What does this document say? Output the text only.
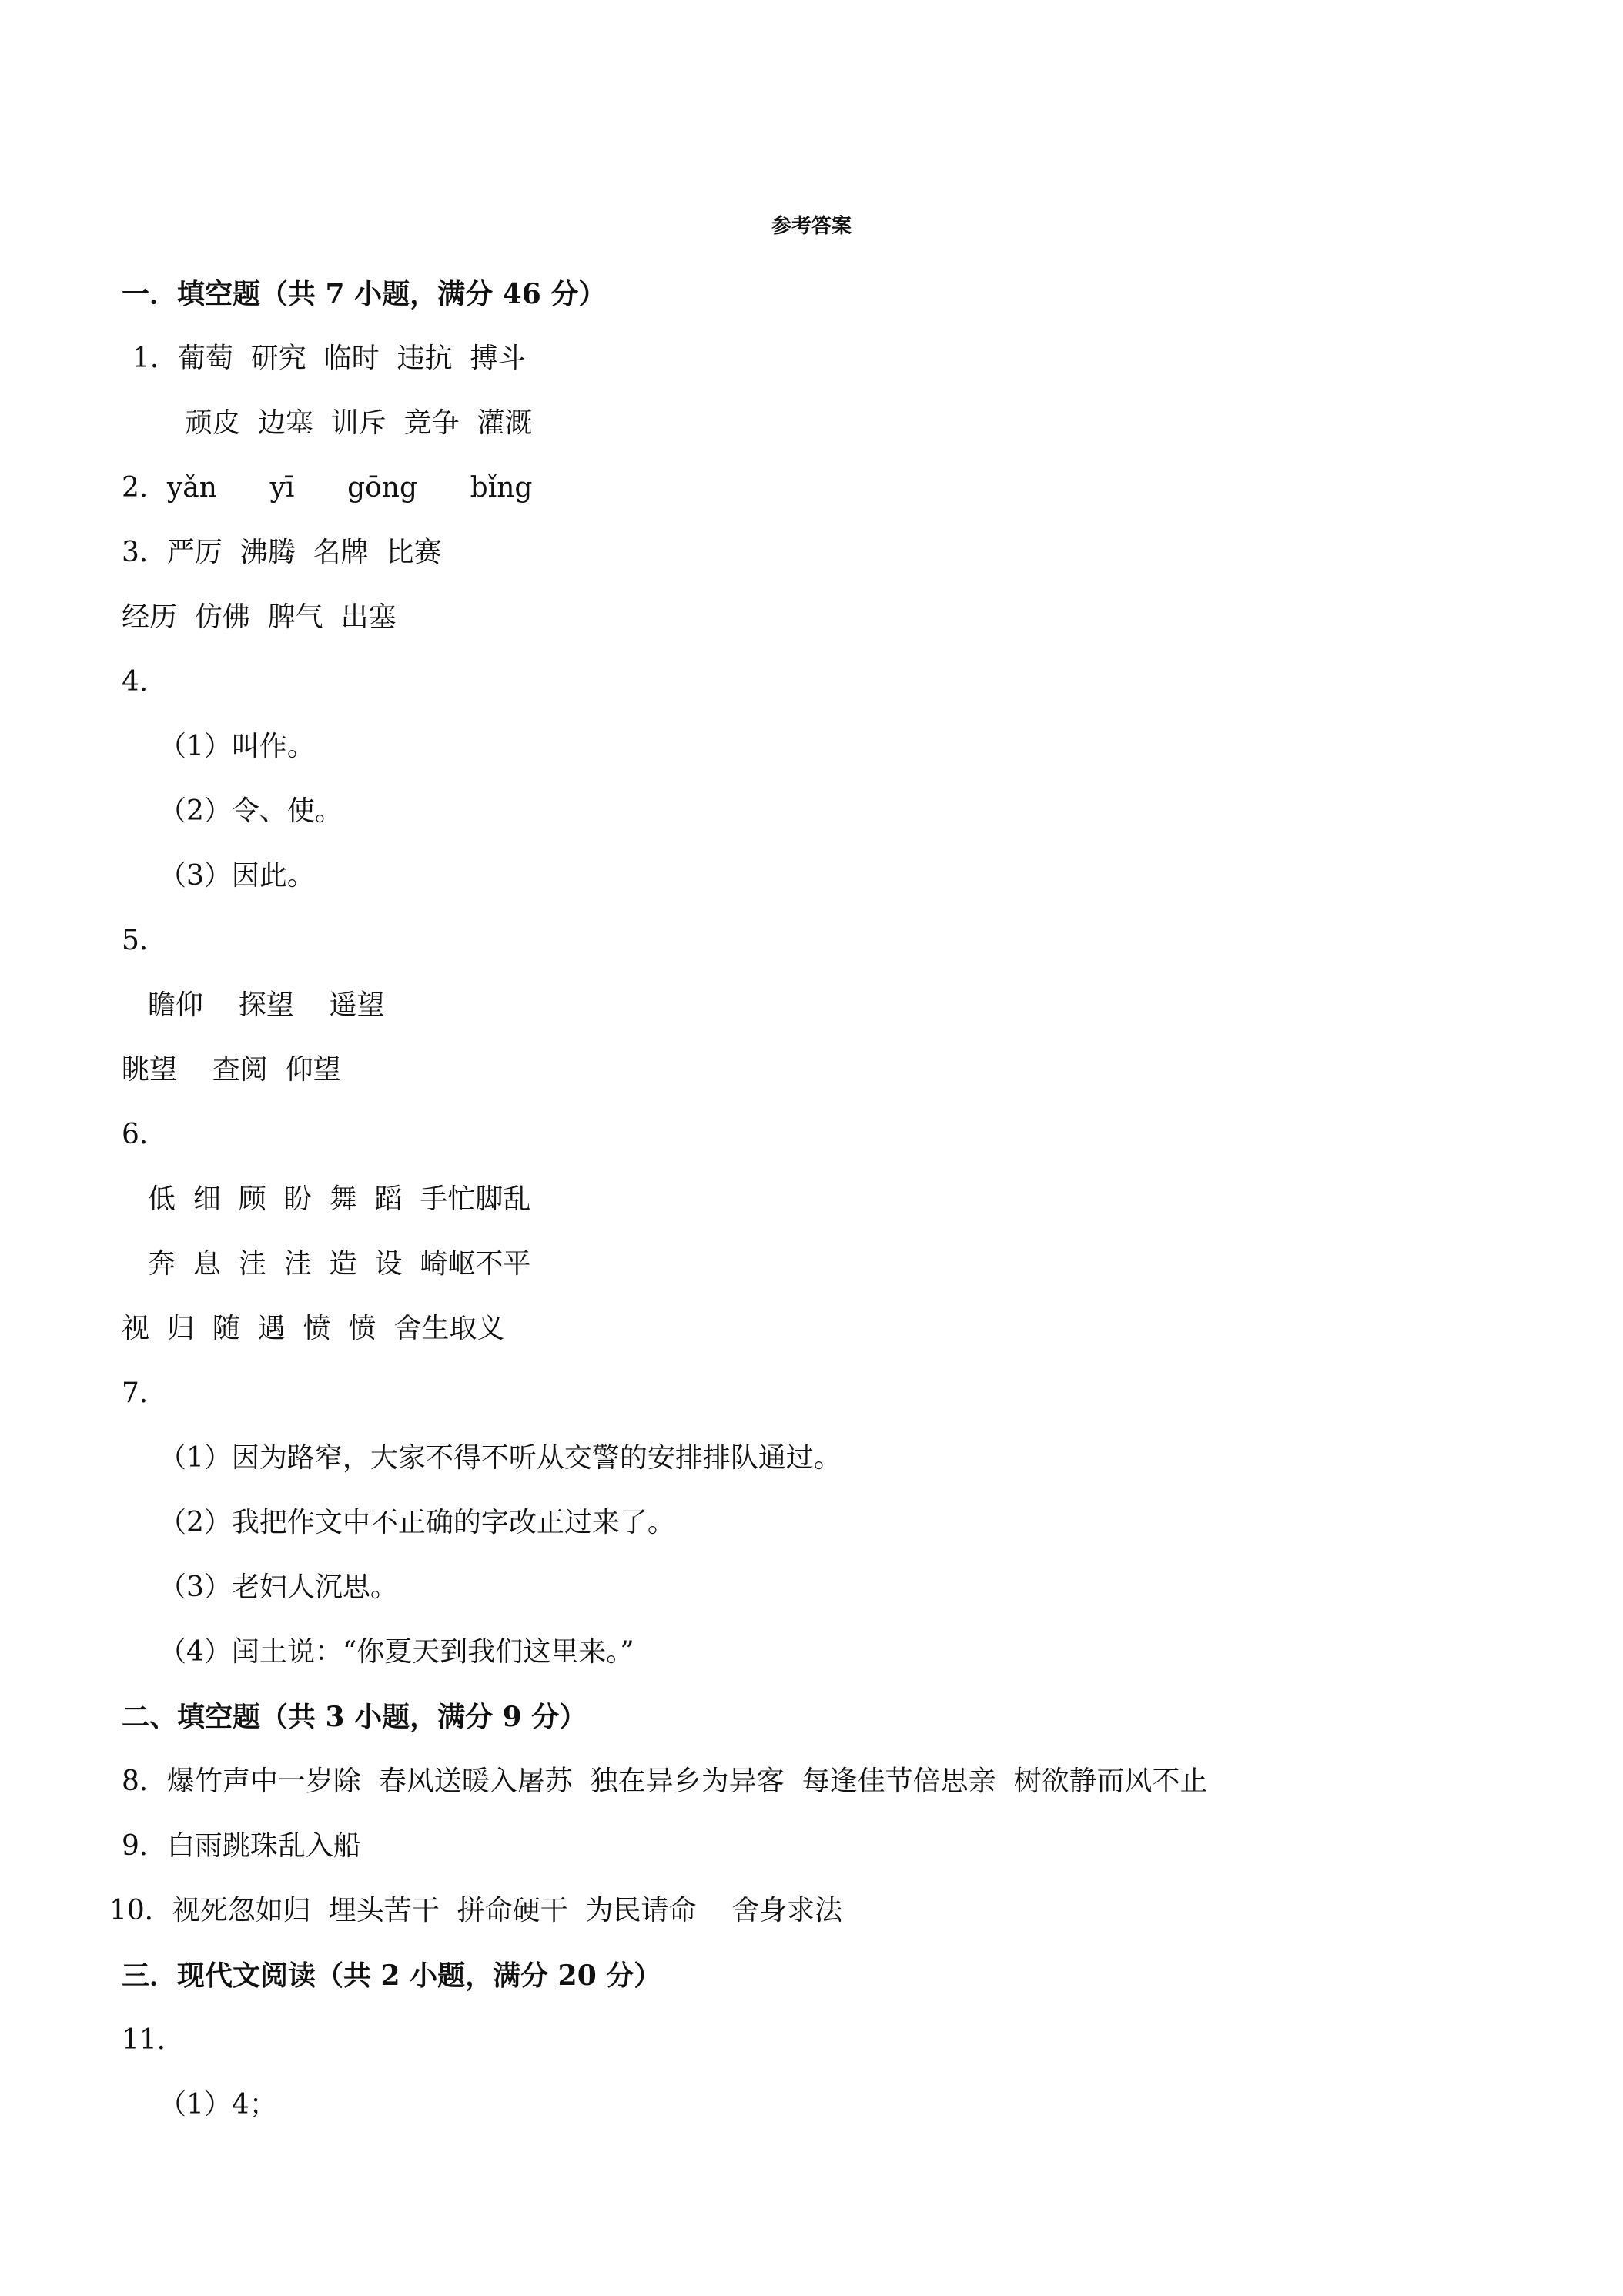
参考答案
一．填空题（共 7 小题，满分 46 分）
1．葡萄  研究  临时  违抗  搏斗
顽皮  边塞  训斥  竞争  灌溉
2．yǎn      yī      gōng      bǐng
3．严厉  沸腾  名牌  比赛
经历  仿佛  脾气  出塞
4．
（1）叫作。
（2）令、使。
（3）因此。
5．
瞻仰    探望    遥望
眺望    查阅  仰望
6．
低  细  顾  盼  舞  蹈  手忙脚乱
奔  息  洼  洼  造  设  崎岖不平
视  归  随  遇  愤  愤  舍生取义
7．
（1）因为路窄，大家不得不听从交警的安排排队通过。
（2）我把作文中不正确的字改正过来了。
（3）老妇人沉思。
（4）闰土说：“你夏天到我们这里来。”
二、填空题（共 3 小题，满分 9 分）
8．爆竹声中一岁除  春风送暖入屠苏  独在异乡为异客  每逢佳节倍思亲  树欲静而风不止
9．白雨跳珠乱入船
10．视死忽如归  埋头苦干  拼命硬干  为民请命    舍身求法
三．现代文阅读（共 2 小题，满分 20 分）
11．
（1）4；
